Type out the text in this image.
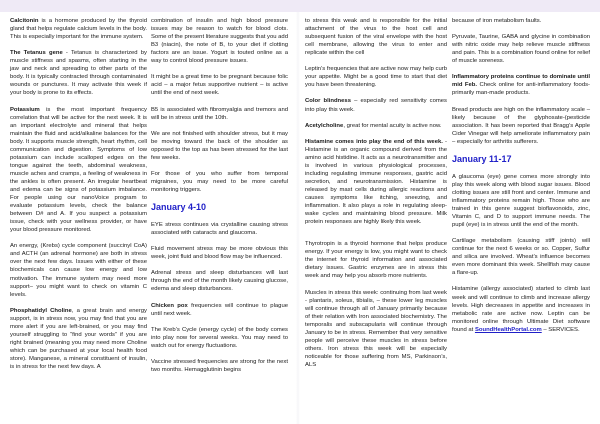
Calcitonin is a hormone produced by the thyroid gland that helps regulate calcium levels in the body. This is especially important for the immune system.

The Tetanus gene - Tetanus is characterized by muscle stiffness and spasms, often starting in the jaw and neck and spreading to other parts of the body. It is typically contracted through contaminated wounds or punctures. It may activate this week if your body is prone to its effects.

Potassium is the most important frequency correlation that will be active for the next week. It is an important electrolyte and mineral that helps maintain the fluid and acid/alkaline balances for the body. It supports muscle strength, heart rhythm, cell communication and digestion. Symptoms of low potassium can include scalloped edges on the tongue against the teeth, abdominal weakness, muscle aches and cramps, a feeling of weakness in the ankles is often present. An irregular heartbeat and edema can be signs of potassium imbalance. For people using our nanoVoice program to evaluate potassium levels, check the balance between D# and A. If you suspect a potassium issue, check with your wellness provider, or have your blood pressure monitored.

An energy, (Krebs) cycle component (succinyl CoA) and ACTH (an adrenal hormone) are both in stress over the next few days. Issues with either of these biochemicals can cause low energy and low motivation. The immune system may need more support– you might want to check on vitamin C levels.

Phosphatidyl Choline, a great brain and energy support, is in stress now, you may find that you are more alert if you are left-brained, or you may find yourself struggling to “find your words” if you are right brained (meaning you may need more Choline which can be purchased at your local health food store). Manganese, a mineral constituent of insulin, is in stress for the next few days. A

combination of insulin and high blood pressure issues may be reason to watch for blood clots. Some of the present literature suggests that you add B3 (niacin), the note of B, to your diet if clotting factors are an issue. Yogurt is touted online as a way to control blood pressure issues.

It might be a great time to be pregnant because folic acid – a major fetus supportive nutrient – is active until the end of next week.

B5 is associated with fibromyalgia and tremors and will be in stress until the 10th.

We are not finished with shoulder stress, but it may be moving toward the back of the shoulder as opposed to the top as has been stressed for the last few weeks.

For those of you who suffer from temporal migraines, you may need to be more careful monitoring triggers.

January 4-10

EYE stress continues via crystalline causing stress associated with cataracts and glaucoma.

Fluid movement stress may be more obvious this week, joint fluid and blood flow may be influenced.

Adrenal stress and sleep disturbances will last through the end of the month likely causing glucose, edema and sleep disturbances.

Chicken pox frequencies will continue to plague until next week.

The Kreb’s Cycle (energy cycle) of the body comes into play now for several weeks. You may need to watch out for energy fluctuations.

Vaccine stressed frequencies are strong for the next two months. Hemagglutinin begins

to stress this weak and is responsible for the initial attachment of the virus to the host cell and subsequent fusion of the viral envelope with the host cell membrane, allowing the virus to enter and replicate within the cell

Leptin’s frequencies that are active now may help curb your appetite. Might be a good time to start that diet you have been threatening.

Color blindness – especially red sensitivity comes into play this week.

Acetylcholine, great for mental acuity is active now.

Histamine comes into play the end of this week. - Histamine is an organic compound derived from the amino acid histidine. It acts as a neurotransmitter and is involved in various physiological processes, including regulating immune responses, gastric acid secretion, and neurotransmission. Histamine is released by mast cells during allergic reactions and causes symptoms like itching, sneezing, and inflammation. It also plays a role in regulating sleep-wake cycles and maintaining blood pressure. Milk protein responses are highly likely this week.

Thyrotropin is a thyroid hormone that helps produce energy. If your energy is low, you might want to check the internet for thyroid information and associated dietary issues. Gastric enzymes are in stress this week and may help you absorb more nutrients.

Muscles in stress this week: continuing from last week - plantaris, soleus, tibialis, – these lower leg muscles will continue through all of January primarily because of their relation with Iron associated biochemistry. The temporalis and subscapularis will continue through January to be in stress. Remember that very sensitive people will perceive these muscles in stress before others. Iron stress this week will be especially noticeable for those suffering from MS, Parkinson’s, ALS

because of iron metabolism faults.

Pyruvate, Taurine, GABA and glycine in combination with nitric oxide may help relieve muscle stiffness and pain. This is a combination found online for relief of muscle soreness.

Inflammatory proteins continue to dominate until mid Feb. Check online for anti-inflammatory foods- primarily man-made products.

Bread products are high on the inflammatory scale – likely because of the glyphosate-(pesticide association. It has been reported that Bragg’s Apple Cider Vinegar will help ameliorate inflammatory pain – especially for arthritis sufferers.

January 11-17

A glaucoma (eye) gene comes more strongly into play this week along with blood sugar issues. Blood clotting issues are still front and center. Immune and inflammatory proteins remain high. Those who are trained in this genre suggest bioflavonoids, zinc, Vitamin C, and D to support immune needs. The pupil (eye) is in stress until the end of the month.

Cartilage metabolism (causing stiff joints) will continue for the next 6 weeks or so. Copper, Sulfur and silica are involved. Wheat’s influence becomes even more dominant this week. Shellfish may cause a flare-up.

Histamine (allergy associated) started to climb last week and will continue to climb and increase allergy levels. High decreases in appetite and increases in metabolic rate are active now. Leptin can be monitored online through Ultimate Diet software found at SoundHealthPortal.com – SERVICES.
